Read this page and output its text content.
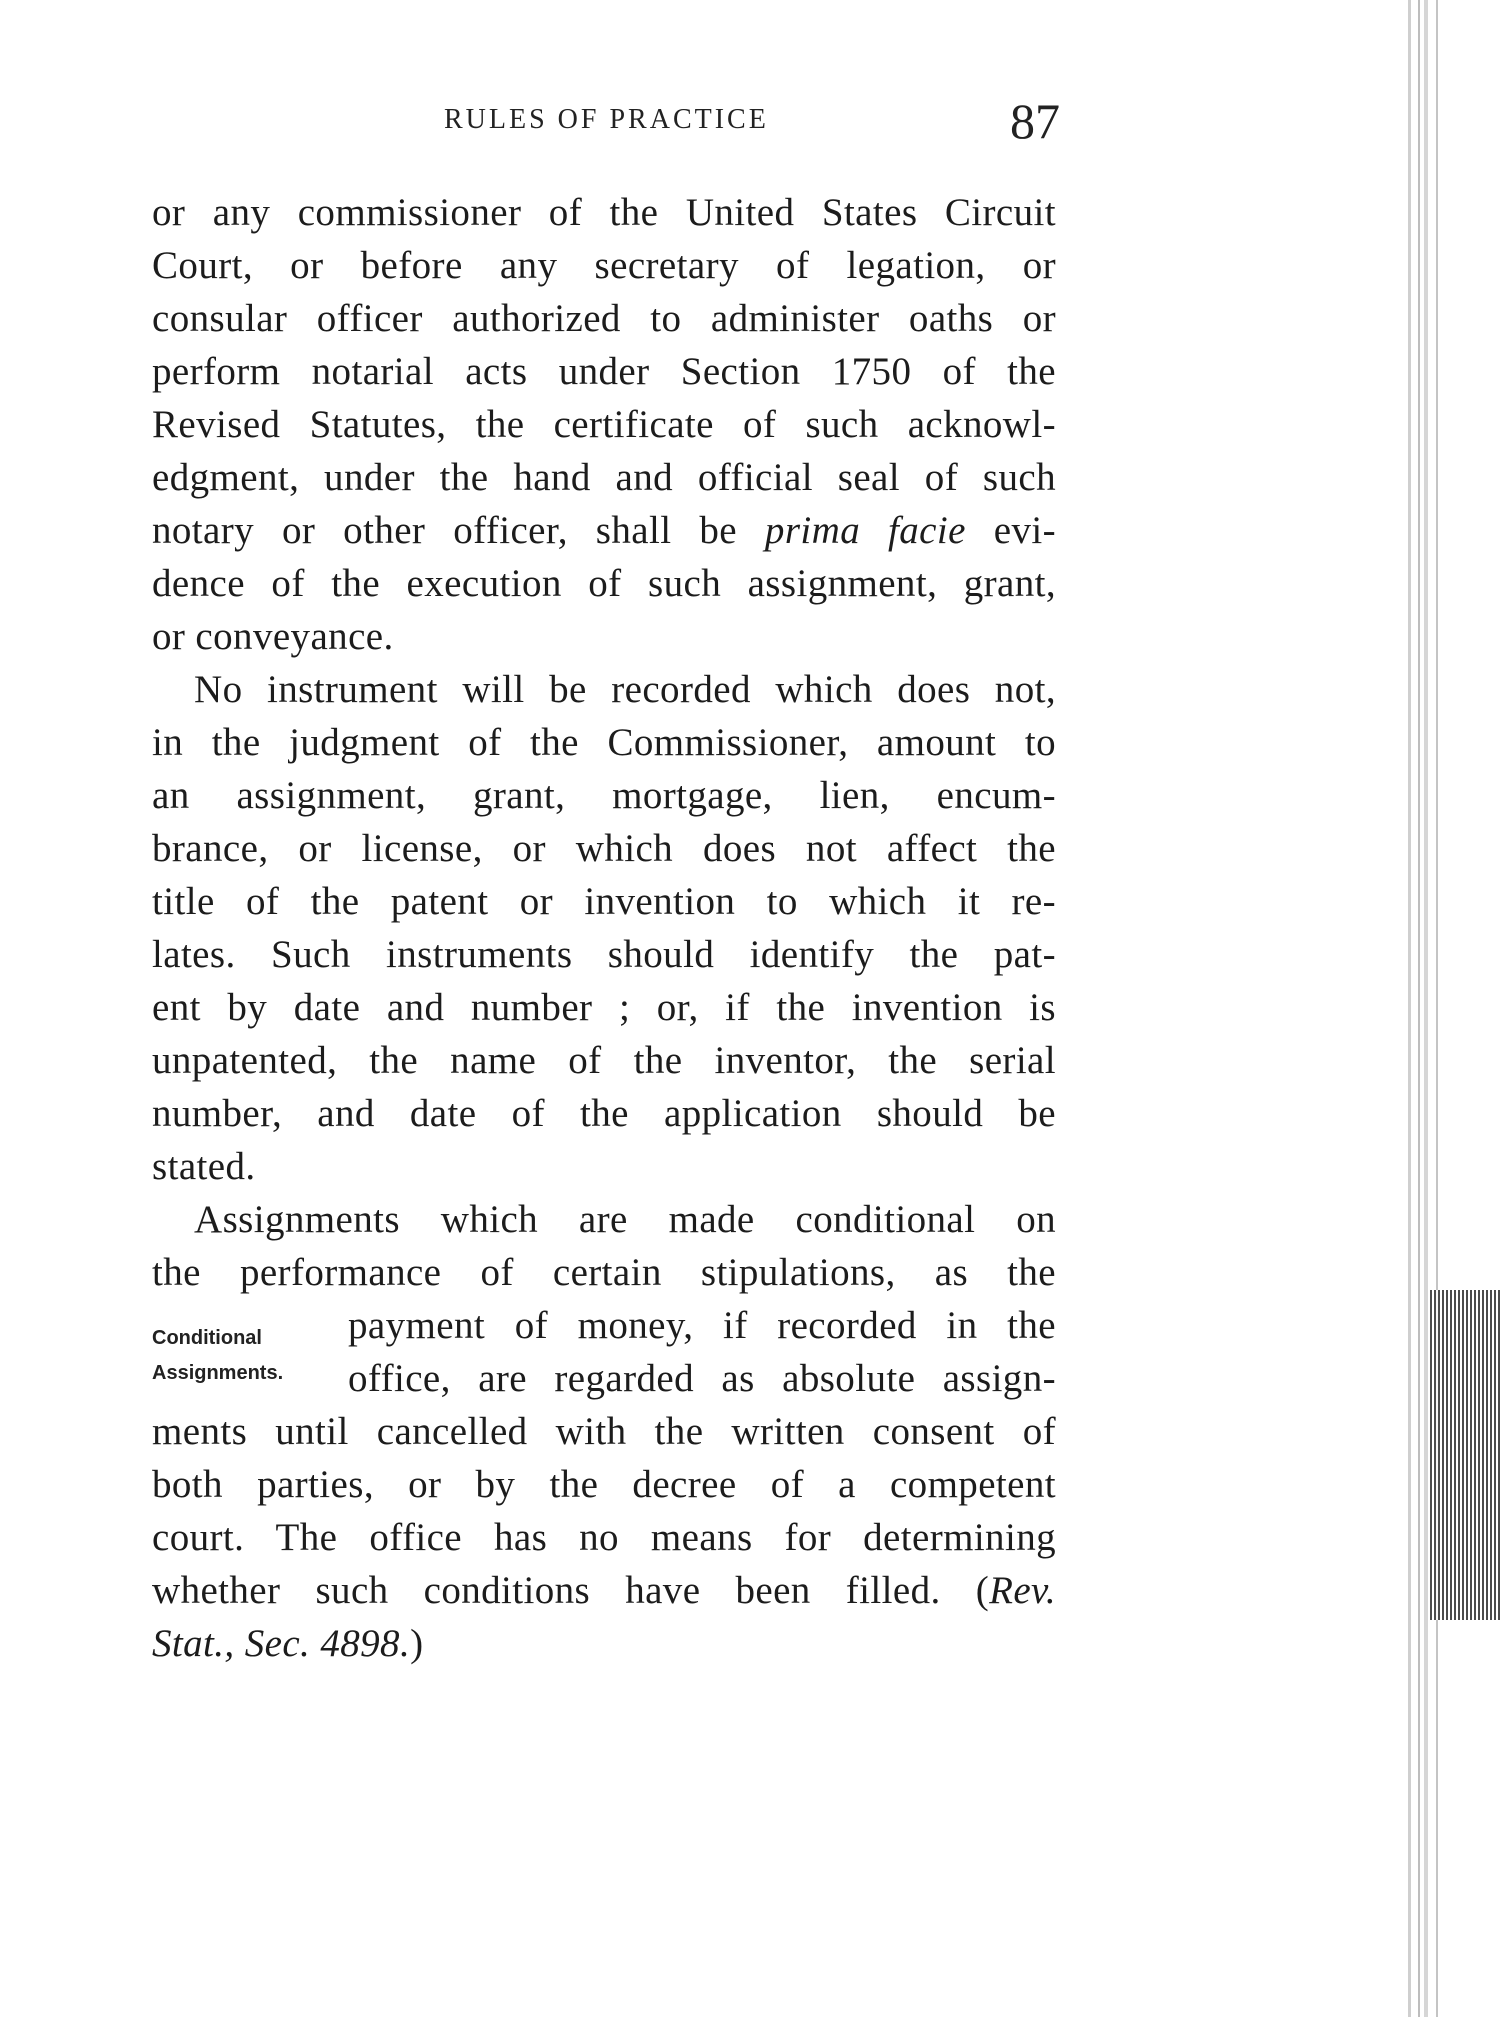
RULES OF PRACTICE	87
or any commissioner of the United States Circuit
Court, or before any secretary of legation, or
consular officer authorized to administer oaths or
perform notarial acts under Section 1750 of the
Revised Statutes, the certificate of such acknowl-
edgment, under the hand and official seal of such
notary or other officer, shall be prima facie evi-
dence of the execution of such assignment, grant,
or conveyance.
No instrument will be recorded which does not,
in the judgment of the Commissioner, amount to
an assignment, grant, mortgage, lien, encum-
brance, or license, or which does not affect the
title of the patent or invention to which it re-
lates. Such instruments should identify the pat-
ent by date and number ; or, if the invention is
unpatented, the name of the inventor, the serial
number, and date of the application should be
stated.
Assignments which are made conditional on
the performance of certain stipulations, as the
payment of money, if recorded in the
office, are regarded as absolute assign-
ments until cancelled with the written consent of
both parties, or by the decree of a competent
court. The office has no means for determining
whether such conditions have been filled. (Rev.
Stat., Sec. 4898.)
Conditional
Assignments.
